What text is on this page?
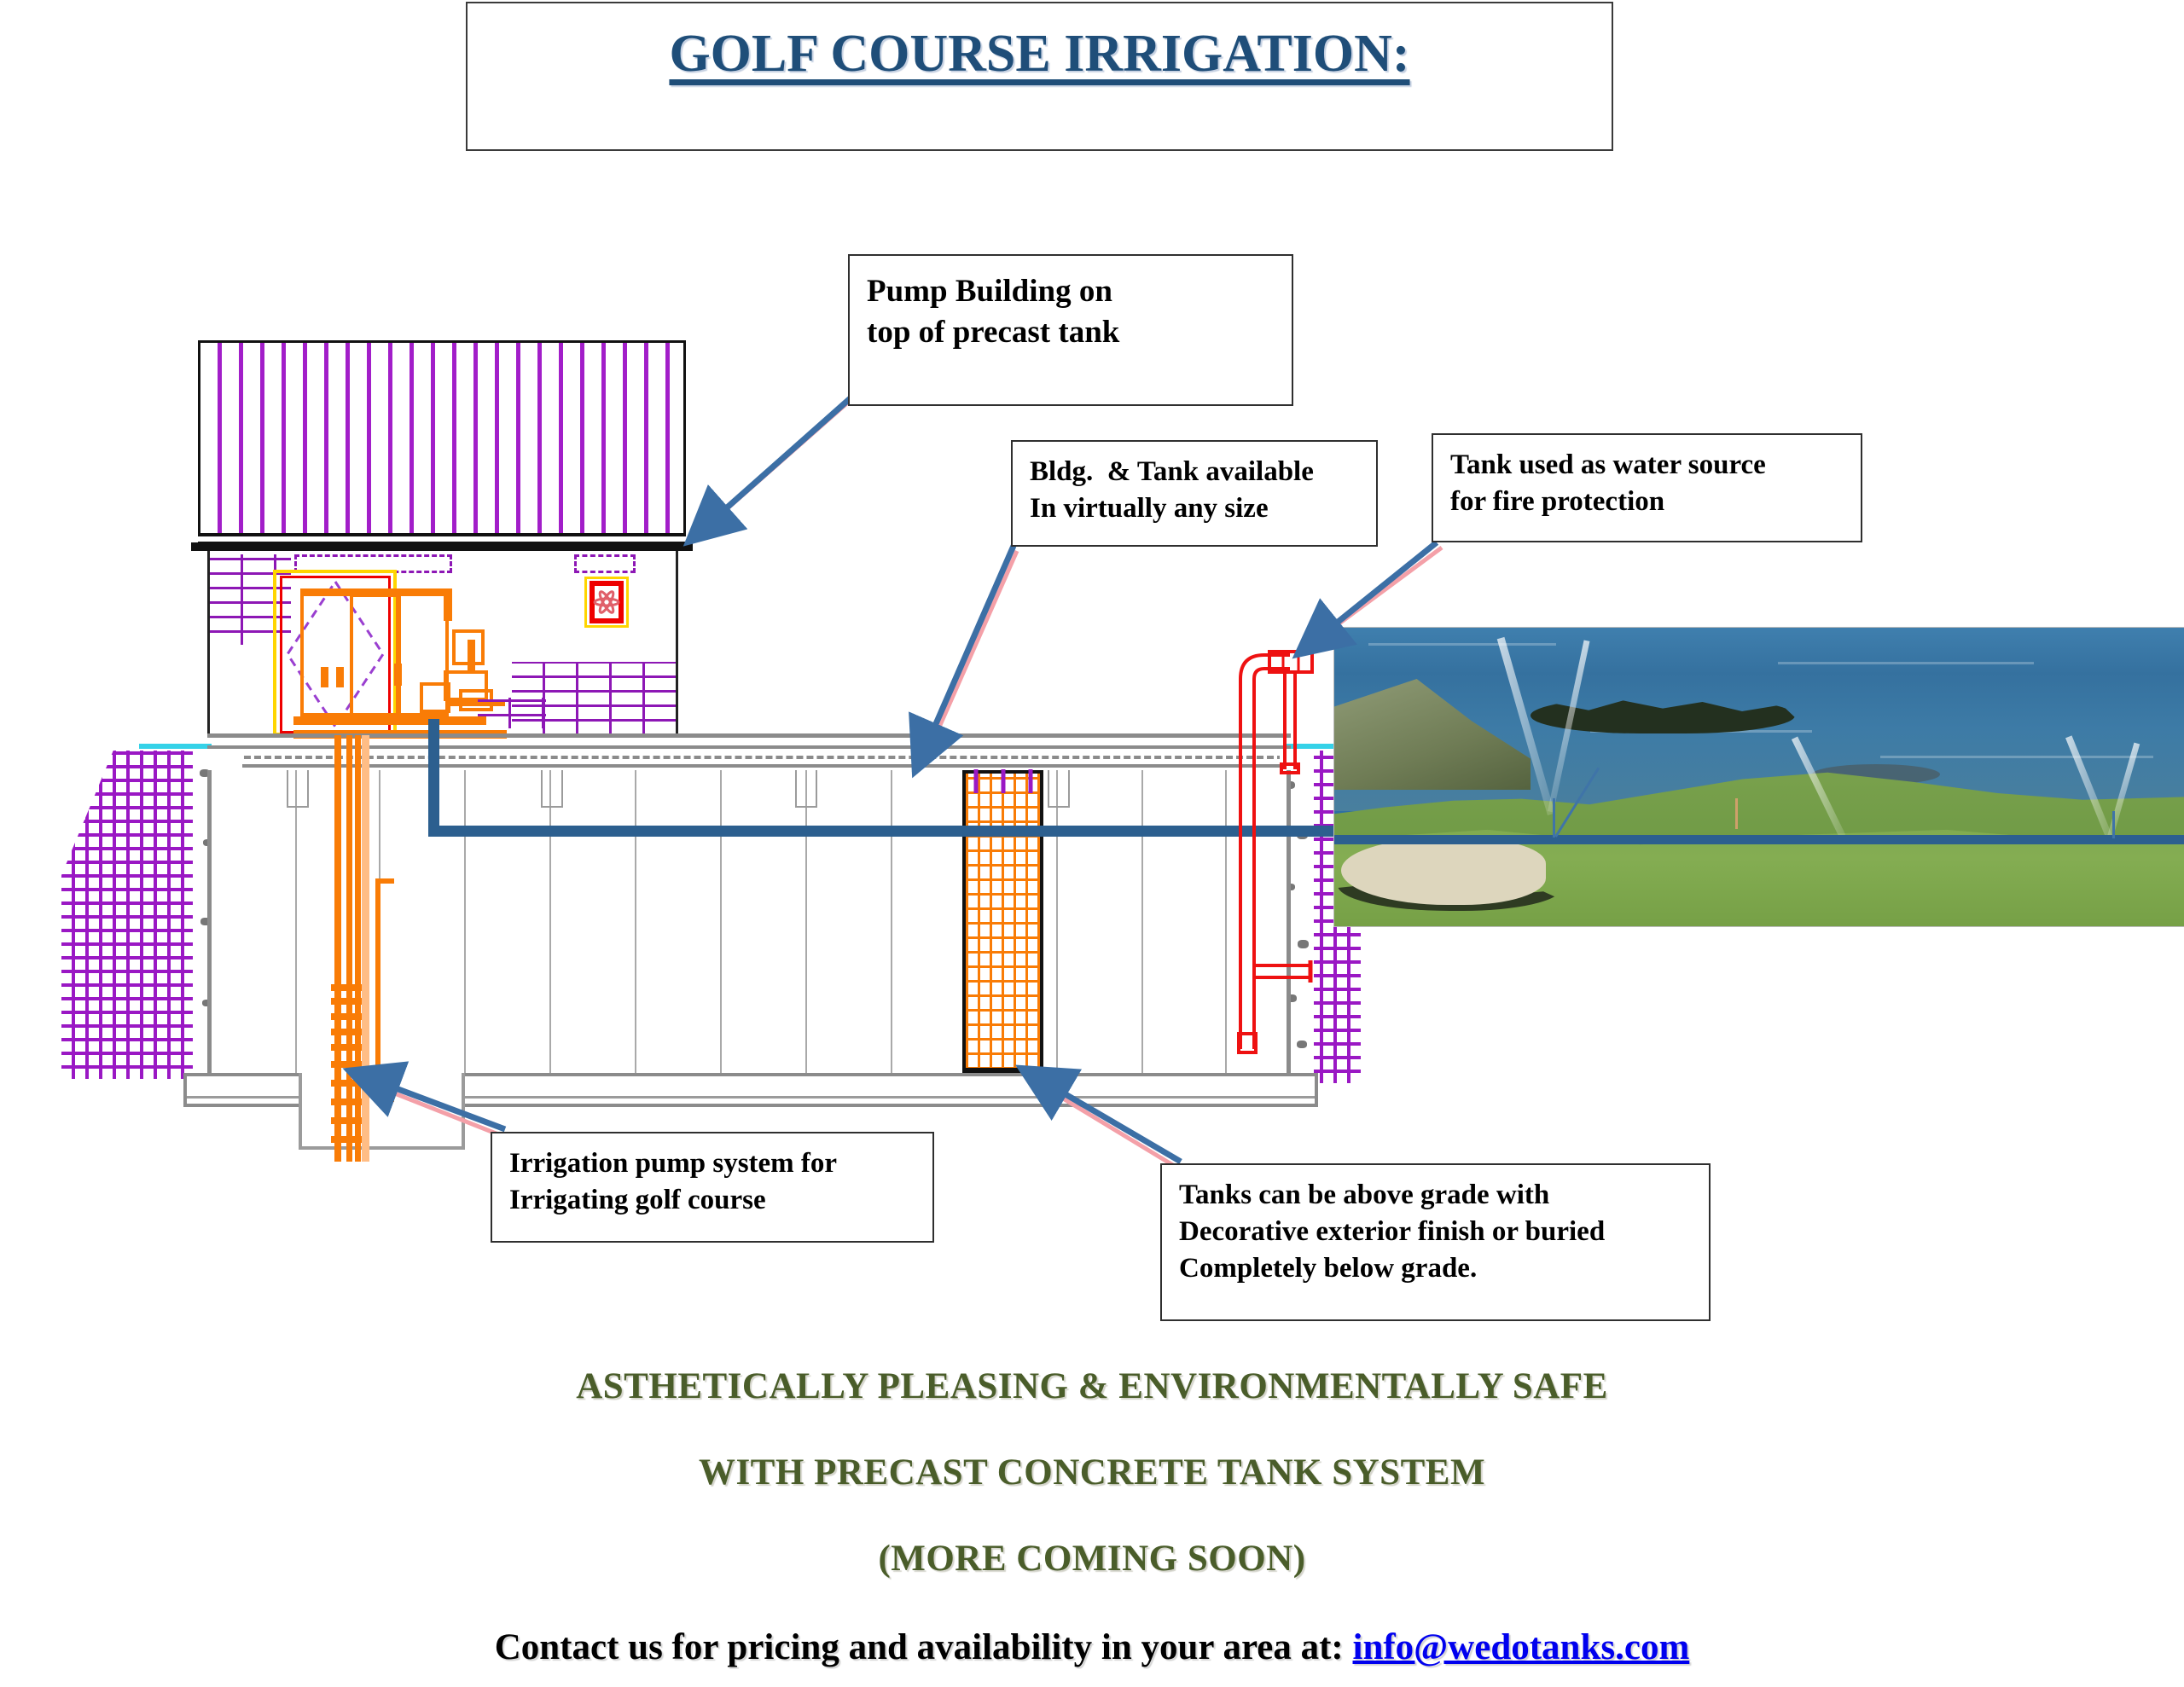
GOLF COURSE IRRIGATION:
Pump Building on
top of precast tank
Bldg.  & Tank available
In virtually any size
Tank used as water source
for fire protection
Irrigation pump system for
Irrigating golf course	Tanks can be above grade with
Decorative exterior finish or buried
Completely below grade.
ASTHETICALLY PLEASING & ENVIRONMENTALLY SAFE
WITH PRECAST CONCRETE TANK SYSTEM
(MORE COMING SOON)
Contact us for pricing and availability in your area at: info@wedotanks.com
